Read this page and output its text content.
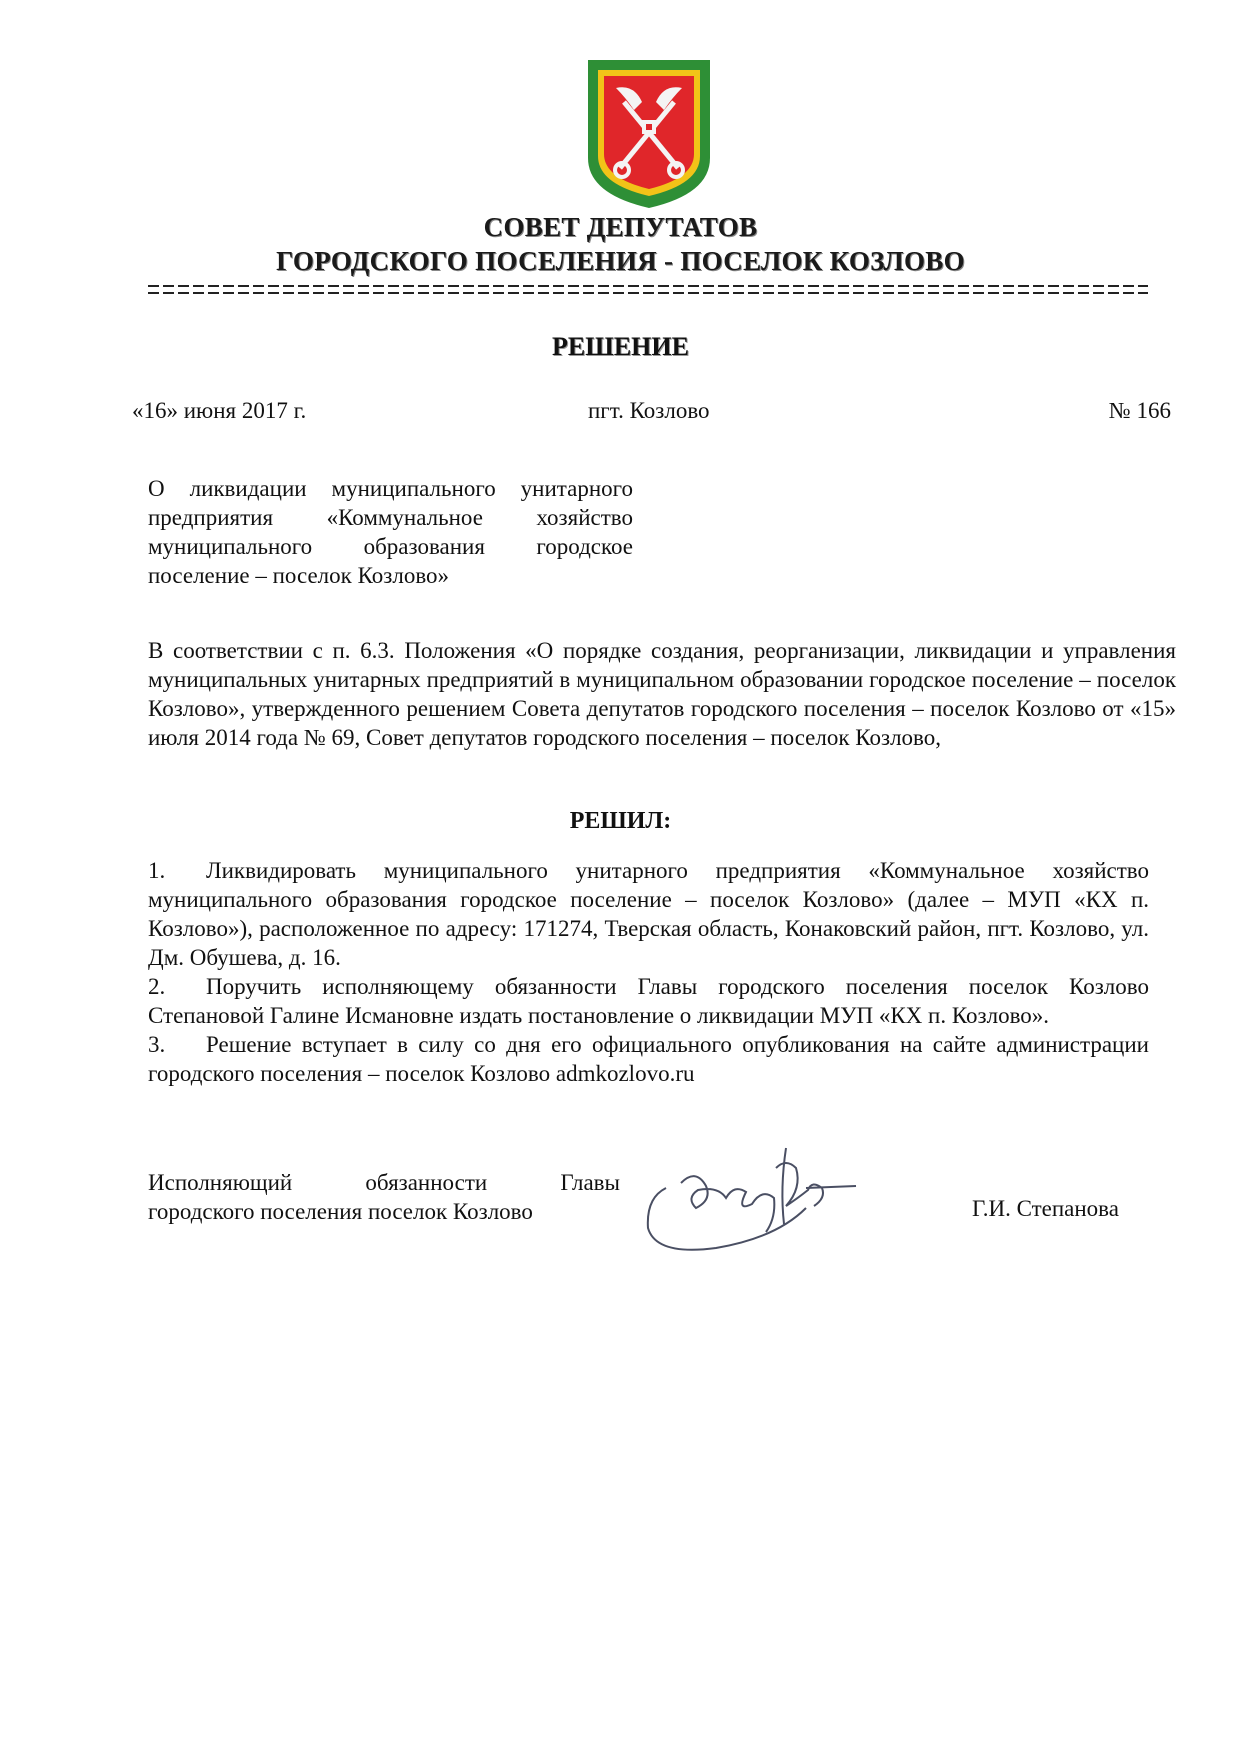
СОВЕТ ДЕПУТАТОВ
ГОРОДСКОГО ПОСЕЛЕНИЯ - ПОСЕЛОК КОЗЛОВО
РЕШЕНИЕ
«16» июня 2017 г.	пгт. Козлово	№ 166
О ликвидации муниципального унитарного предприятия «Коммунальное хозяйство муниципального образования городское поселение – поселок Козлово»
В соответствии с п. 6.3. Положения «О порядке создания, реорганизации, ликвидации и управления муниципальных унитарных предприятий в муниципальном образовании городское поселение – поселок Козлово», утвержденного решением Совета депутатов городского поселения – поселок Козлово от «15» июля 2014 года № 69, Совет депутатов городского поселения – поселок Козлово,
РЕШИЛ:
1. Ликвидировать муниципального унитарного предприятия «Коммунальное хозяйство муниципального образования городское поселение – поселок Козлово» (далее – МУП «КХ п. Козлово»), расположенное по адресу: 171274, Тверская область, Конаковский район, пгт. Козлово, ул. Дм. Обушева, д. 16.
2. Поручить исполняющему обязанности Главы городского поселения поселок Козлово Степановой Галине Исмановне издать постановление о ликвидации МУП «КХ п. Козлово».
3. Решение вступает в силу со дня его официального опубликования на сайте администрации городского поселения – поселок Козлово admkozlovo.ru
Исполняющий обязанности Главы
городского поселения поселок Козлово	Г.И. Степанова
